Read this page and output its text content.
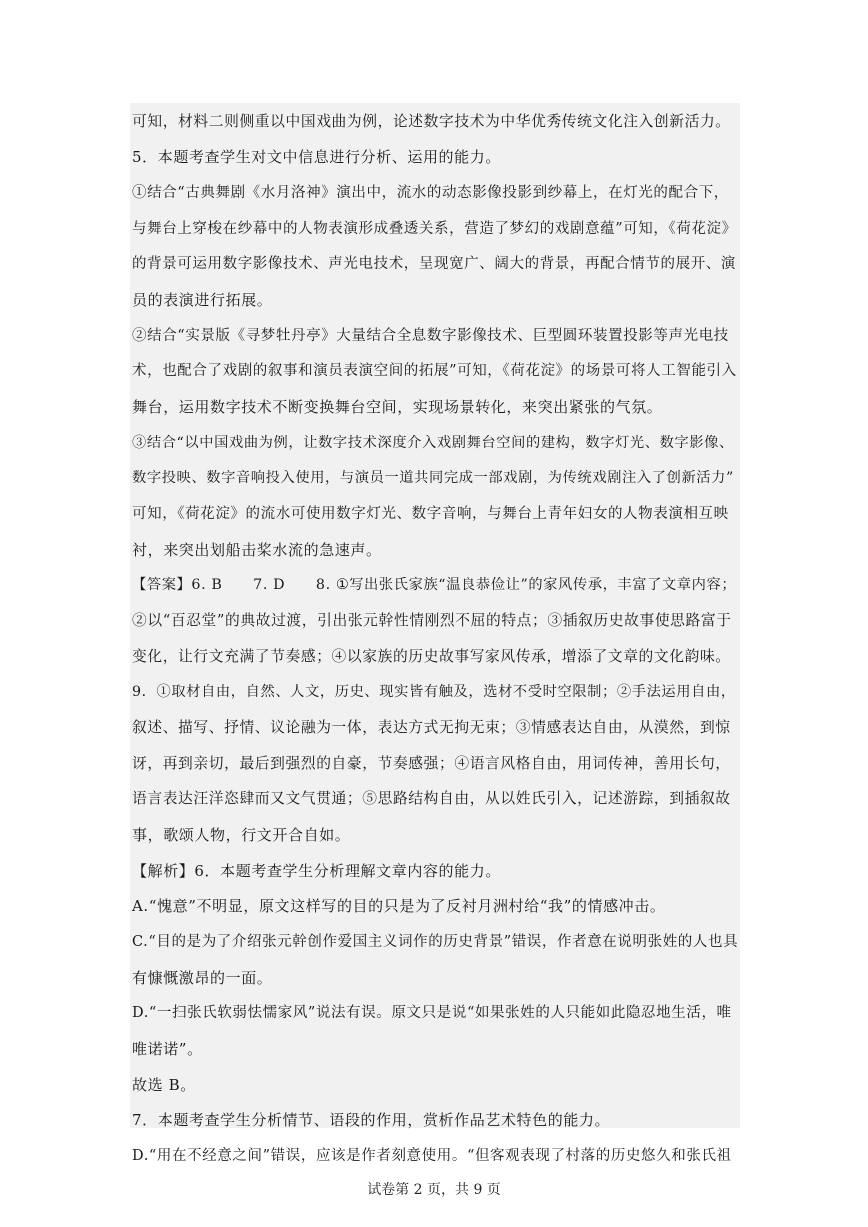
可知，材料二则侧重以中国戏曲为例，论述数字技术为中华优秀传统文化注入创新活力。
5．本题考查学生对文中信息进行分析、运用的能力。
①结合“古典舞剧《水月洛神》演出中，流水的动态影像投影到纱幕上，在灯光的配合下，
与舞台上穿梭在纱幕中的人物表演形成叠透关系，营造了梦幻的戏剧意蕴”可知，《荷花淀》
的背景可运用数字影像技术、声光电技术，呈现宽广、阔大的背景，再配合情节的展开、演
员的表演进行拓展。
②结合“实景版《寻梦牡丹亭》大量结合全息数字影像技术、巨型圆环装置投影等声光电技
术，也配合了戏剧的叙事和演员表演空间的拓展”可知，《荷花淀》的场景可将人工智能引入
舞台，运用数字技术不断变换舞台空间，实现场景转化，来突出紧张的气氛。
③结合“以中国戏曲为例，让数字技术深度介入戏剧舞台空间的建构，数字灯光、数字影像、
数字投映、数字音响投入使用，与演员一道共同完成一部戏剧，为传统戏剧注入了创新活力”
可知，《荷花淀》的流水可使用数字灯光、数字音响，与舞台上青年妇女的人物表演相互映
衬，来突出划船击桨水流的急速声。
【答案】6. B      7. D      8. ①写出张氏家族“温良恭俭让”的家风传承，丰富了文章内容；
②以“百忍堂”的典故过渡，引出张元幹性情刚烈不屈的特点；③插叙历史故事使思路富于
变化，让行文充满了节奏感；④以家族的历史故事写家风传承，增添了文章的文化韵味。
9．①取材自由，自然、人文，历史、现实皆有触及，选材不受时空限制；②手法运用自由，
叙述、描写、抒情、议论融为一体，表达方式无拘无束；③情感表达自由，从漠然，到惊
讶，再到亲切，最后到强烈的自豪，节奏感强；④语言风格自由，用词传神，善用长句，
语言表达汪洋恣肆而又文气贯通；⑤思路结构自由，从以姓氏引入，记述游踪，到插叙故
事，歌颂人物，行文开合自如。
【解析】6．本题考查学生分析理解文章内容的能力。
A.“愧意”不明显，原文这样写的目的只是为了反衬月洲村给“我”的情感冲击。
C.“目的是为了介绍张元幹创作爱国主义词作的历史背景”错误，作者意在说明张姓的人也具
有慷慨激昂的一面。
D.“一扫张氏软弱怯懦家风”说法有误。原文只是说“如果张姓的人只能如此隐忍地生活，唯
唯诺诺”。
故选 B。
7．本题考查学生分析情节、语段的作用，赏析作品艺术特色的能力。
D.“用在不经意之间”错误，应该是作者刻意使用。“但客观表现了村落的历史悠久和张氏祖
试卷第 2 页，共 9 页
